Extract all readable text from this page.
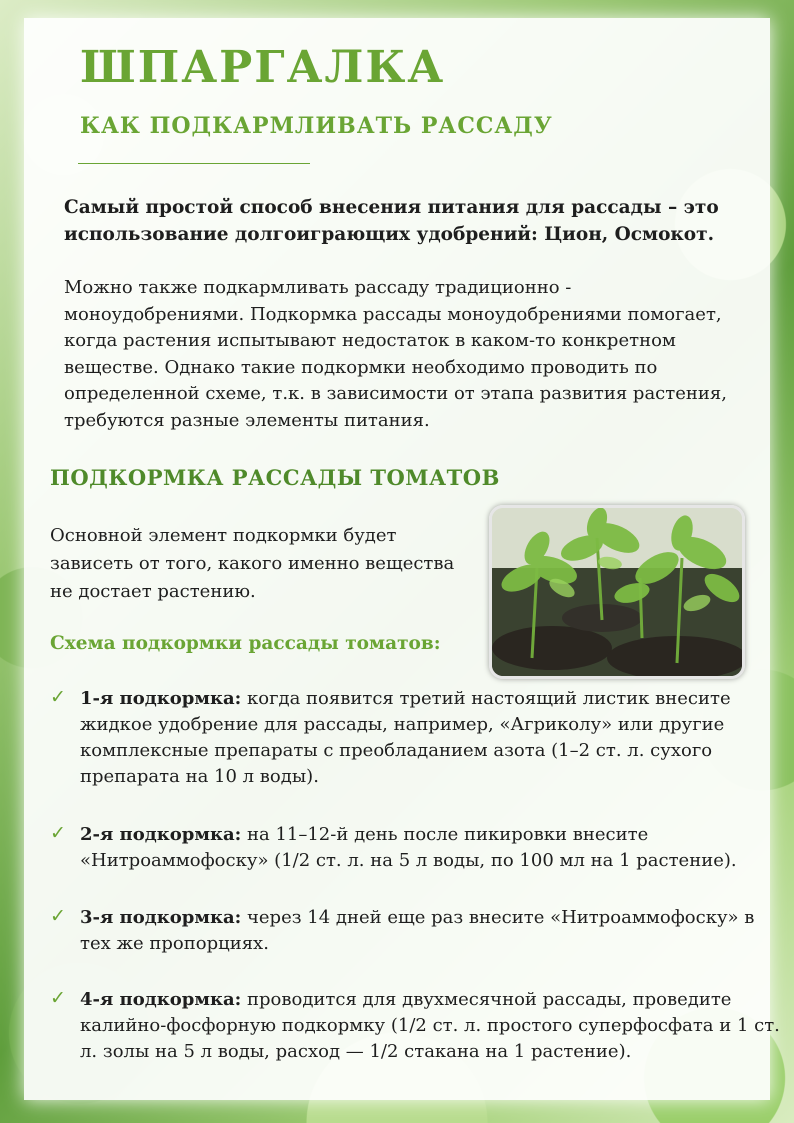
ШПАРГАЛКА
КАК ПОДКАРМЛИВАТЬ РАССАДУ

Самый простой способ внесения питания для рассады – это использование долгоиграющих удобрений: Цион, Осмокот.

Можно также подкармливать рассаду традиционно - моноудобрениями. Подкормка рассады моноудобрениями помогает, когда растения испытывают недостаток в каком-то конкретном веществе. Однако такие подкормки необходимо проводить по определенной схеме, т.к. в зависимости от этапа развития растения, требуются разные элементы питания.

ПОДКОРМКА РАССАДЫ ТОМАТОВ

Основной элемент подкормки будет зависеть от того, какого именно вещества не достает растению.

Схема подкормки рассады томатов:
✓ 1-я подкормка: когда появится третий настоящий листик внесите жидкое удобрение для рассады, например, «Агриколу» или другие комплексные препараты с преобладанием азота (1–2 ст. л. сухого препарата на 10 л воды).

✓ 2-я подкормка: на 11–12-й день после пикировки внесите «Нитроаммофоску» (1/2 ст. л. на 5 л воды, по 100 мл на 1 растение).

✓ 3-я подкормка: через 14 дней еще раз внесите «Нитроаммофоску» в тех же пропорциях.

✓ 4-я подкормка: проводится для двухмесячной рассады, проведите калийно-фосфорную подкормку (1/2 ст. л. простого суперфосфата и 1 ст. л. золы на 5 л воды, расход — 1/2 стакана на 1 растение).
